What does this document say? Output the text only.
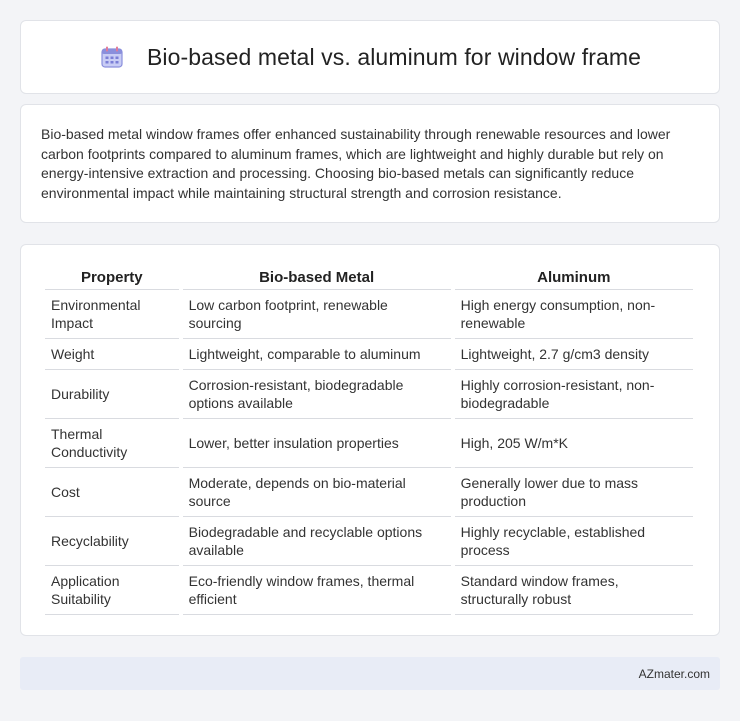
Bio-based metal vs. aluminum for window frame

Bio-based metal window frames offer enhanced sustainability through renewable resources and lower carbon footprints compared to aluminum frames, which are lightweight and highly durable but rely on energy-intensive extraction and processing. Choosing bio-based metals can significantly reduce environmental impact while maintaining structural strength and corrosion resistance.

Property	Bio-based Metal	Aluminum
Environmental Impact	Low carbon footprint, renewable sourcing	High energy consumption, non-renewable
Weight	Lightweight, comparable to aluminum	Lightweight, 2.7 g/cm3 density
Durability	Corrosion-resistant, biodegradable options available	Highly corrosion-resistant, non-biodegradable
Thermal Conductivity	Lower, better insulation properties	High, 205 W/m*K
Cost	Moderate, depends on bio-material source	Generally lower due to mass production
Recyclability	Biodegradable and recyclable options available	Highly recyclable, established process
Application Suitability	Eco-friendly window frames, thermal efficient	Standard window frames, structurally robust
AZmater.com
